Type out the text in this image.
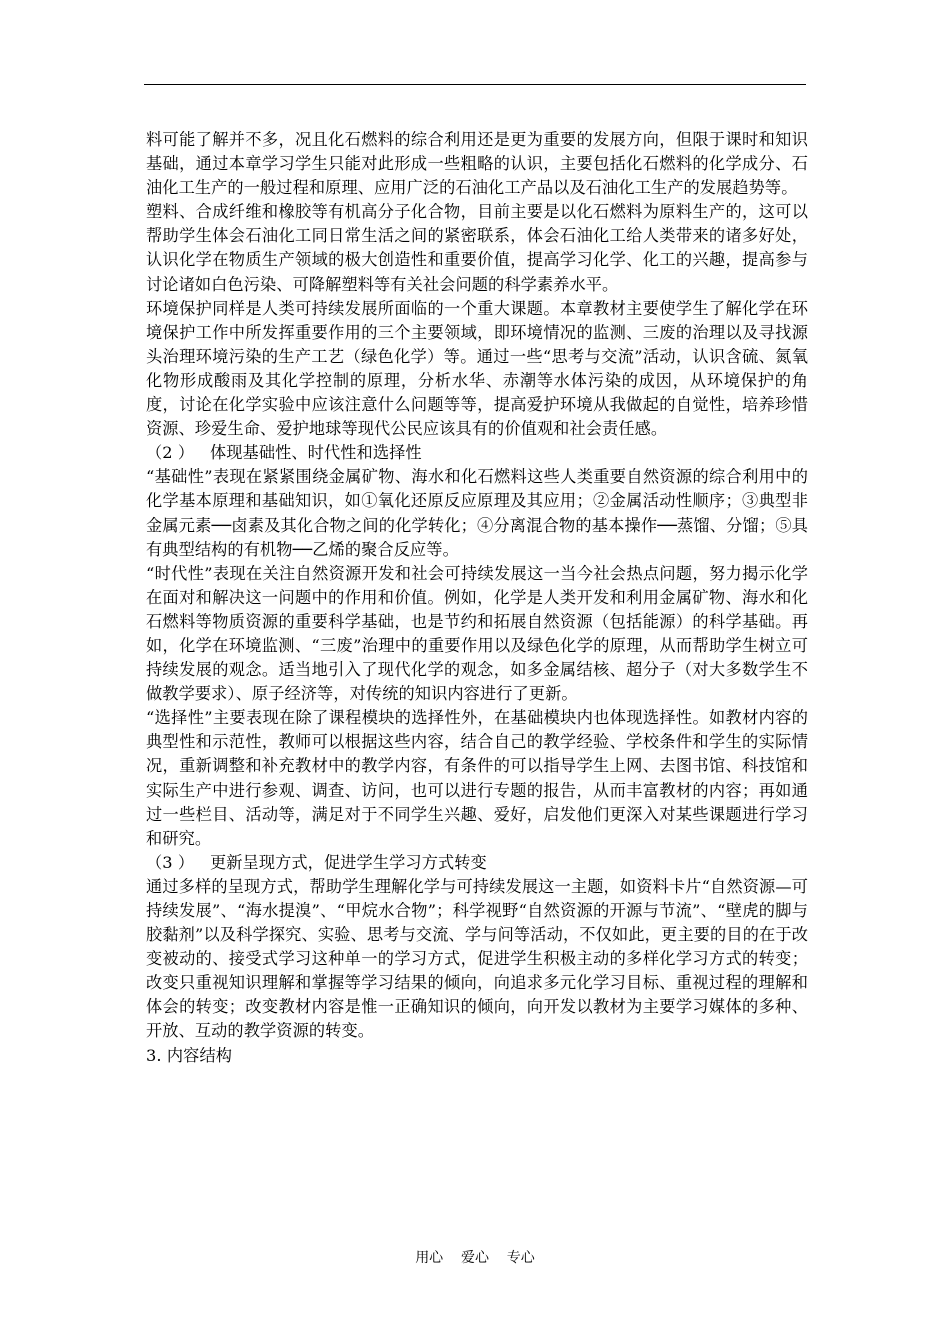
料可能了解并不多，况且化石燃料的综合利用还是更为重要的发展方向，但限于课时和知识基础，通过本章学习学生只能对此形成一些粗略的认识，主要包括化石燃料的化学成分、石油化工生产的一般过程和原理、应用广泛的石油化工产品以及石油化工生产的发展趋势等。

塑料、合成纤维和橡胶等有机高分子化合物，目前主要是以化石燃料为原料生产的，这可以帮助学生体会石油化工同日常生活之间的紧密联系，体会石油化工给人类带来的诸多好处，认识化学在物质生产领域的极大创造性和重要价值，提高学习化学、化工的兴趣，提高参与讨论诸如白色污染、可降解塑料等有关社会问题的科学素养水平。

环境保护同样是人类可持续发展所面临的一个重大课题。本章教材主要使学生了解化学在环境保护工作中所发挥重要作用的三个主要领域，即环境情况的监测、三废的治理以及寻找源头治理环境污染的生产工艺（绿色化学）等。通过一些“思考与交流”活动，认识含硫、氮氧化物形成酸雨及其化学控制的原理，分析水华、赤潮等水体污染的成因，从环境保护的角度，讨论在化学实验中应该注意什么问题等等，提高爱护环境从我做起的自觉性，培养珍惜资源、珍爱生命、爱护地球等现代公民应该具有的价值观和社会责任感。

（2 ）   体现基础性、时代性和选择性

“基础性”表现在紧紧围绕金属矿物、海水和化石燃料这些人类重要自然资源的综合利用中的化学基本原理和基础知识，如①氧化还原反应原理及其应用；②金属活动性顺序；③典型非金属元素──卤素及其化合物之间的化学转化；④分离混合物的基本操作──蒸馏、分馏；⑤具有典型结构的有机物──乙烯的聚合反应等。

“时代性”表现在关注自然资源开发和社会可持续发展这一当今社会热点问题，努力揭示化学在面对和解决这一问题中的作用和价值。例如，化学是人类开发和利用金属矿物、海水和化石燃料等物质资源的重要科学基础，也是节约和拓展自然资源（包括能源）的科学基础。再如，化学在环境监测、“三废”治理中的重要作用以及绿色化学的原理，从而帮助学生树立可持续发展的观念。适当地引入了现代化学的观念，如多金属结核、超分子（对大多数学生不做教学要求）、原子经济等，对传统的知识内容进行了更新。

“选择性”主要表现在除了课程模块的选择性外，在基础模块内也体现选择性。如教材内容的典型性和示范性，教师可以根据这些内容，结合自己的教学经验、学校条件和学生的实际情况，重新调整和补充教材中的教学内容，有条件的可以指导学生上网、去图书馆、科技馆和实际生产中进行参观、调查、访问，也可以进行专题的报告，从而丰富教材的内容；再如通过一些栏目、活动等，满足对于不同学生兴趣、爱好，启发他们更深入对某些课题进行学习和研究。

（3 ）   更新呈现方式，促进学生学习方式转变

通过多样的呈现方式，帮助学生理解化学与可持续发展这一主题，如资料卡片“自然资源—可持续发展”、“海水提溴”、“甲烷水合物”；科学视野“自然资源的开源与节流”、“壁虎的脚与胶黏剂”以及科学探究、实验、思考与交流、学与问等活动，不仅如此，更主要的目的在于改变被动的、接受式学习这种单一的学习方式，促进学生积极主动的多样化学习方式的转变；改变只重视知识理解和掌握等学习结果的倾向，向追求多元化学习目标、重视过程的理解和体会的转变；改变教材内容是惟一正确知识的倾向，向开发以教材为主要学习媒体的多种、开放、互动的教学资源的转变。

3. 内容结构

用心    爱心    专心
